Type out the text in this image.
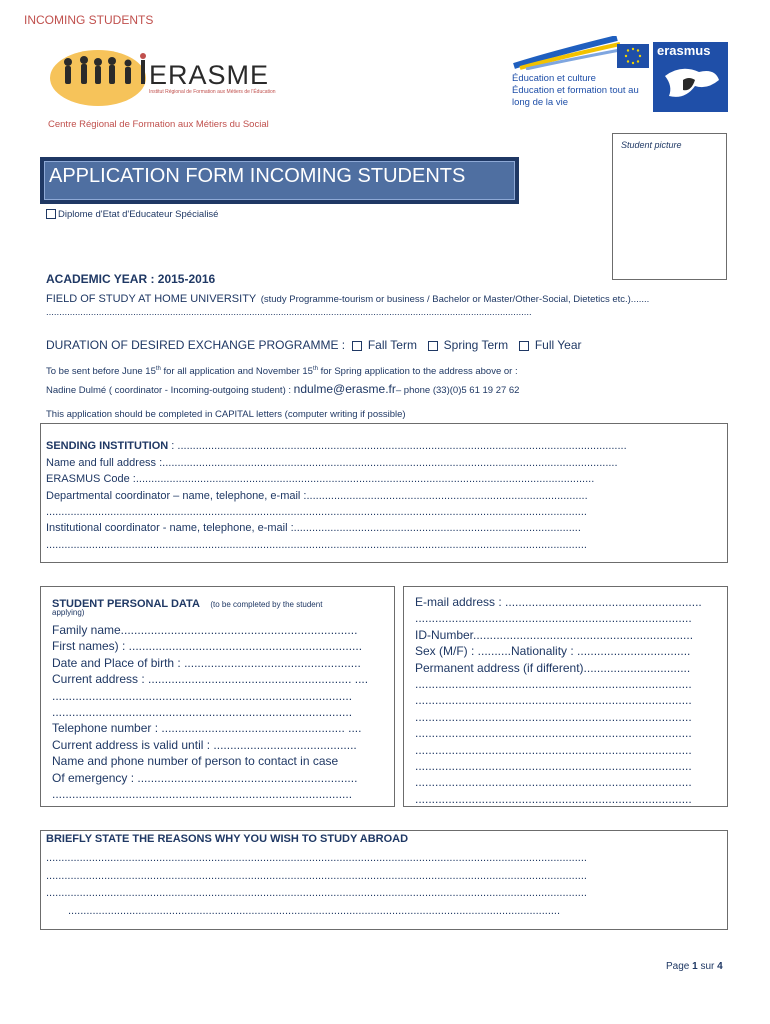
INCOMING STUDENTS
ERASME
Institut Régional de Formation aux Métiers de l'Éducation
Centre Régional de Formation aux Métiers du Social
Éducation et culture
Éducation et formation tout au
long de la vie
erasmus
Student picture
APPLICATION FORM INCOMING STUDENTS
Diplome d'Etat d'Educateur Spécialisé
ACADEMIC YEAR : 2015-2016
FIELD OF STUDY AT HOME UNIVERSITY (study Programme-tourism or business / Bachelor or Master/Other-Social, Dietetics etc.).......
........................................................................................................................................................................................
DURATION OF DESIRED EXCHANGE PROGRAMME : Fall Term Spring Term Full Year
To be sent before June 15th for all application and November 15th for Spring application to the address above or :
Nadine Dulmé ( coordinator - Incoming-outgoing student) : ndulme@erasme.fr– phone (33)(0)5 61 19 27 62
This application should be completed in CAPITAL letters (computer writing if possible)
SENDING INSTITUTION : ...................................................................................................................................................
Name and full address :.....................................................................................................................................................
ERASMUS Code :......................................................................................................................................................
Departmental coordinator – name, telephone, e-mail :............................................................................................
.................................................................................................................................................................................
Institutional coordinator - name, telephone, e-mail :..............................................................................................
.................................................................................................................................................................................
STUDENT PERSONAL DATA (to be completed by the student
applying)
Family name.......................................................................
First names) : ......................................................................
Date and Place of birth : .....................................................
Current address : ............................................................. ....
..........................................................................................
..........................................................................................
Telephone number : ....................................................... ....
Current address is valid until : ...........................................
Name and phone number of person to contact in case
Of emergency : ..................................................................
..........................................................................................
E-mail address : ...........................................................
...................................................................................
ID-Number..................................................................
Sex (M/F) : ..........Nationality : ..................................
Permanent address (if different)................................
...................................................................................
...................................................................................
...................................................................................
...................................................................................
...................................................................................
...................................................................................
...................................................................................
...................................................................................
BRIEFLY STATE THE REASONS WHY YOU WISH TO STUDY ABROAD
.................................................................................................................................................................................
.................................................................................................................................................................................
.................................................................................................................................................................................
.................................................................................................................................................................
Page 1 sur 4
